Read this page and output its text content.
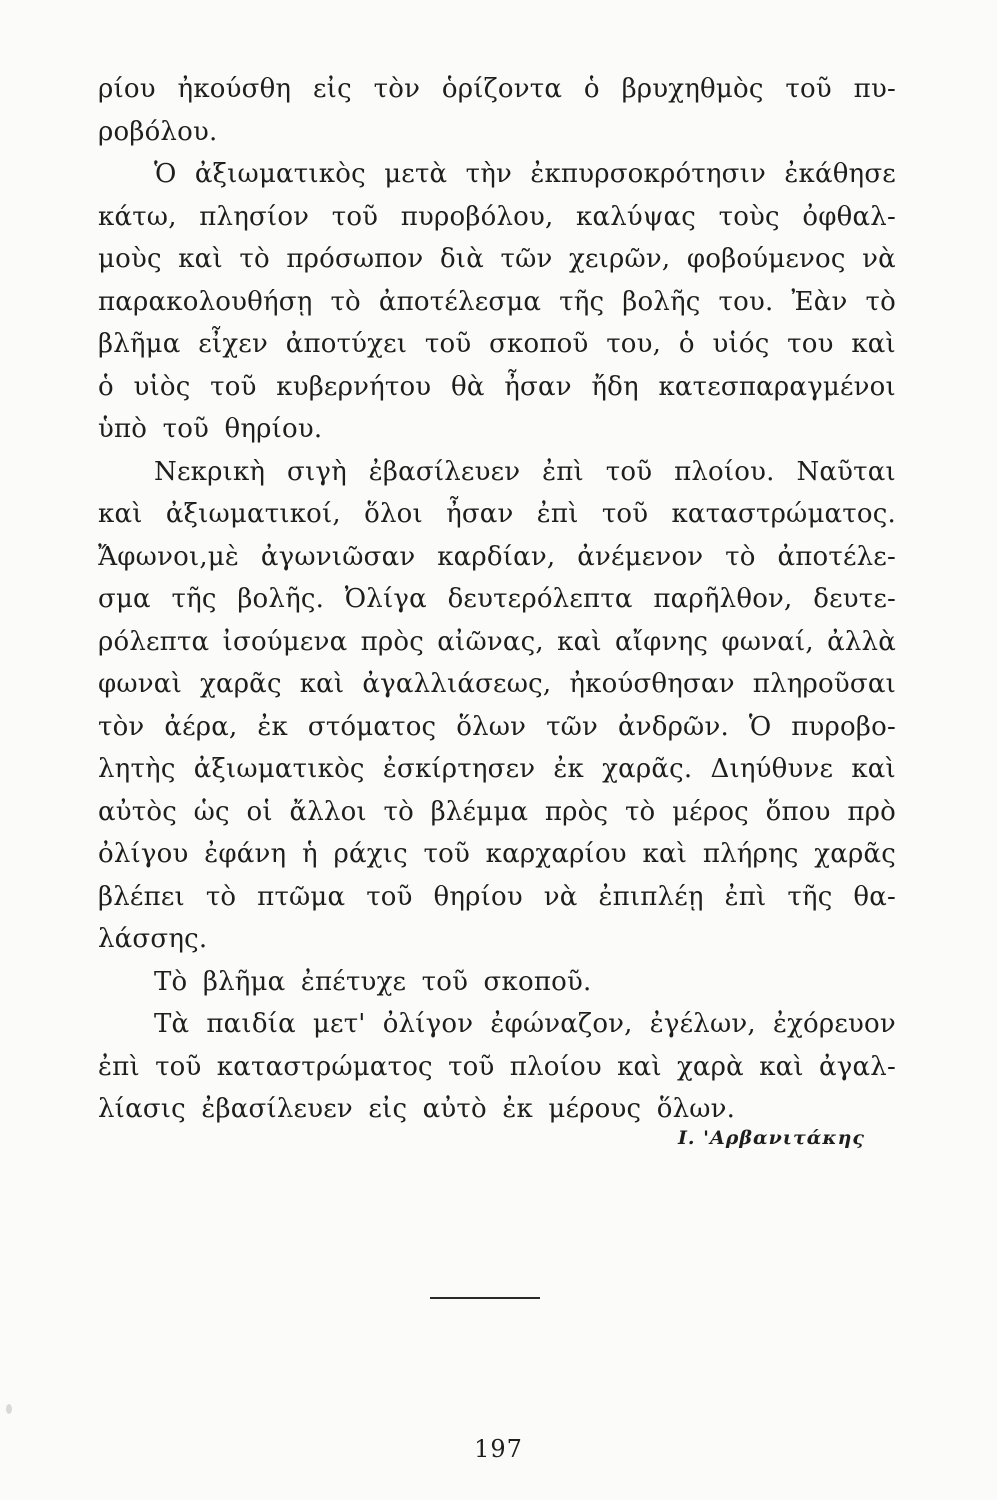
ρίου ἠκούσθη εἰς τὸν ὁρίζοντα ὁ βρυχηθμὸς τοῦ πυ-
ροβόλου.
Ὁ ἀξιωματικὸς μετὰ τὴν ἐκπυρσοκρότησιν ἐκάθησε
κάτω, πλησίον τοῦ πυροβόλου, καλύψας τοὺς ὀφθαλ-
μοὺς καὶ τὸ πρόσωπον διὰ τῶν χειρῶν, φοβούμενος νὰ
παρακολουθήσῃ τὸ ἀποτέλεσμα τῆς βολῆς του. Ἐὰν τὸ
βλῆμα εἶχεν ἀποτύχει τοῦ σκοποῦ του, ὁ υἱός του καὶ
ὁ υἱὸς τοῦ κυβερνήτου θὰ ἦσαν ἤδη κατεσπαραγμένοι
ὑπὸ τοῦ θηρίου.
Νεκρικὴ σιγὴ ἐβασίλευεν ἐπὶ τοῦ πλοίου. Ναῦται
καὶ ἀξιωματικοί, ὅλοι ἦσαν ἐπὶ τοῦ καταστρώματος.
Ἄφωνοι,μὲ ἀγωνιῶσαν καρδίαν, ἀνέμενον τὸ ἀποτέλε-
σμα τῆς βολῆς. Ὀλίγα δευτερόλεπτα παρῆλθον, δευτε-
ρόλεπτα ἰσούμενα πρὸς αἰῶνας, καὶ αἴφνης φωναί, ἀλλὰ
φωναὶ χαρᾶς καὶ ἀγαλλιάσεως, ἠκούσθησαν πληροῦσαι
τὸν ἀέρα, ἐκ στόματος ὅλων τῶν ἀνδρῶν. Ὁ πυροβο-
λητὴς ἀξιωματικὸς ἐσκίρτησεν ἐκ χαρᾶς. Διηύθυνε καὶ
αὐτὸς ὡς οἱ ἄλλοι τὸ βλέμμα πρὸς τὸ μέρος ὅπου πρὸ
ὀλίγου ἐφάνη ἡ ράχις τοῦ καρχαρίου καὶ πλήρης χαρᾶς
βλέπει τὸ πτῶμα τοῦ θηρίου νὰ ἐπιπλέῃ ἐπὶ τῆς θα-
λάσσης.
Τὸ βλῆμα ἐπέτυχε τοῦ σκοποῦ.
Τὰ παιδία μετ' ὀλίγον ἐφώναζον, ἐγέλων, ἐχόρευον
ἐπὶ τοῦ καταστρώματος τοῦ πλοίου καὶ χαρὰ καὶ ἀγαλ-
λίασις ἐβασίλευεν εἰς αὐτὸ ἐκ μέρους ὅλων.
Ι. 'Αρβανιτάκης
197
